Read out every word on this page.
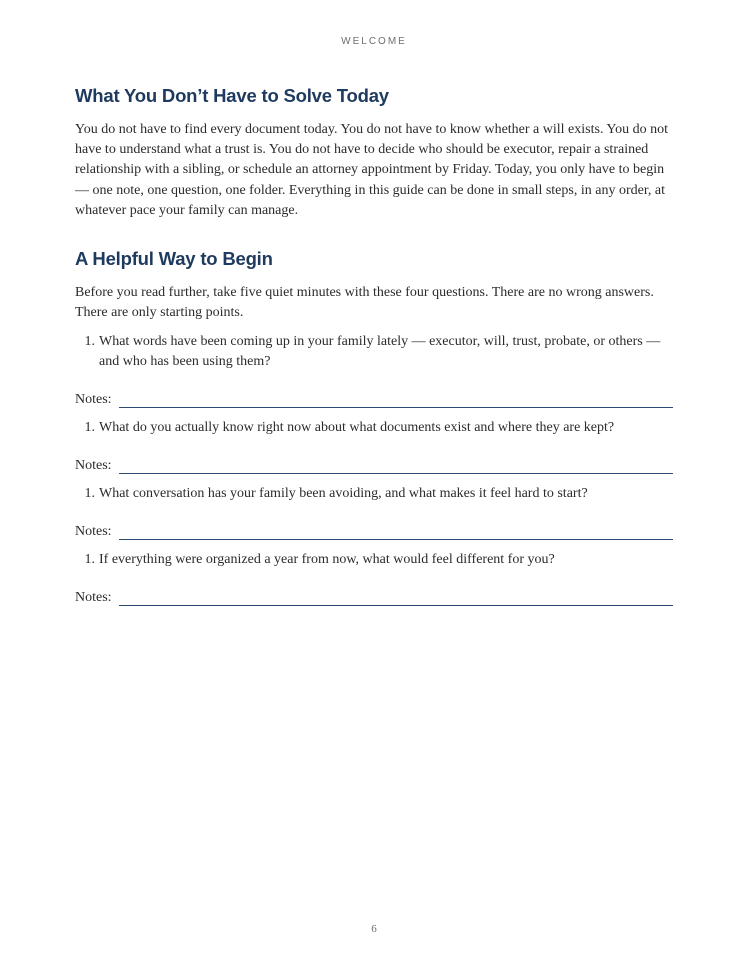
WELCOME
What You Don’t Have to Solve Today

You do not have to find every document today. You do not have to know whether a will exists. You do not have to understand what a trust is. You do not have to decide who should be executor, repair a strained relationship with a sibling, or schedule an attorney appointment by Friday. Today, you only have to begin — one note, one question, one folder. Everything in this guide can be done in small steps, in any order, at whatever pace your family can manage.

A Helpful Way to Begin

Before you read further, take five quiet minutes with these four questions. There are no wrong answers. There are only starting points.

1. What words have been coming up in your family lately — executor, will, trust, probate, or others — and who has been using them?
Notes:
1. What do you actually know right now about what documents exist and where they are kept?
Notes:
1. What conversation has your family been avoiding, and what makes it feel hard to start?
Notes:
1. If everything were organized a year from now, what would feel different for you?
Notes:
6
